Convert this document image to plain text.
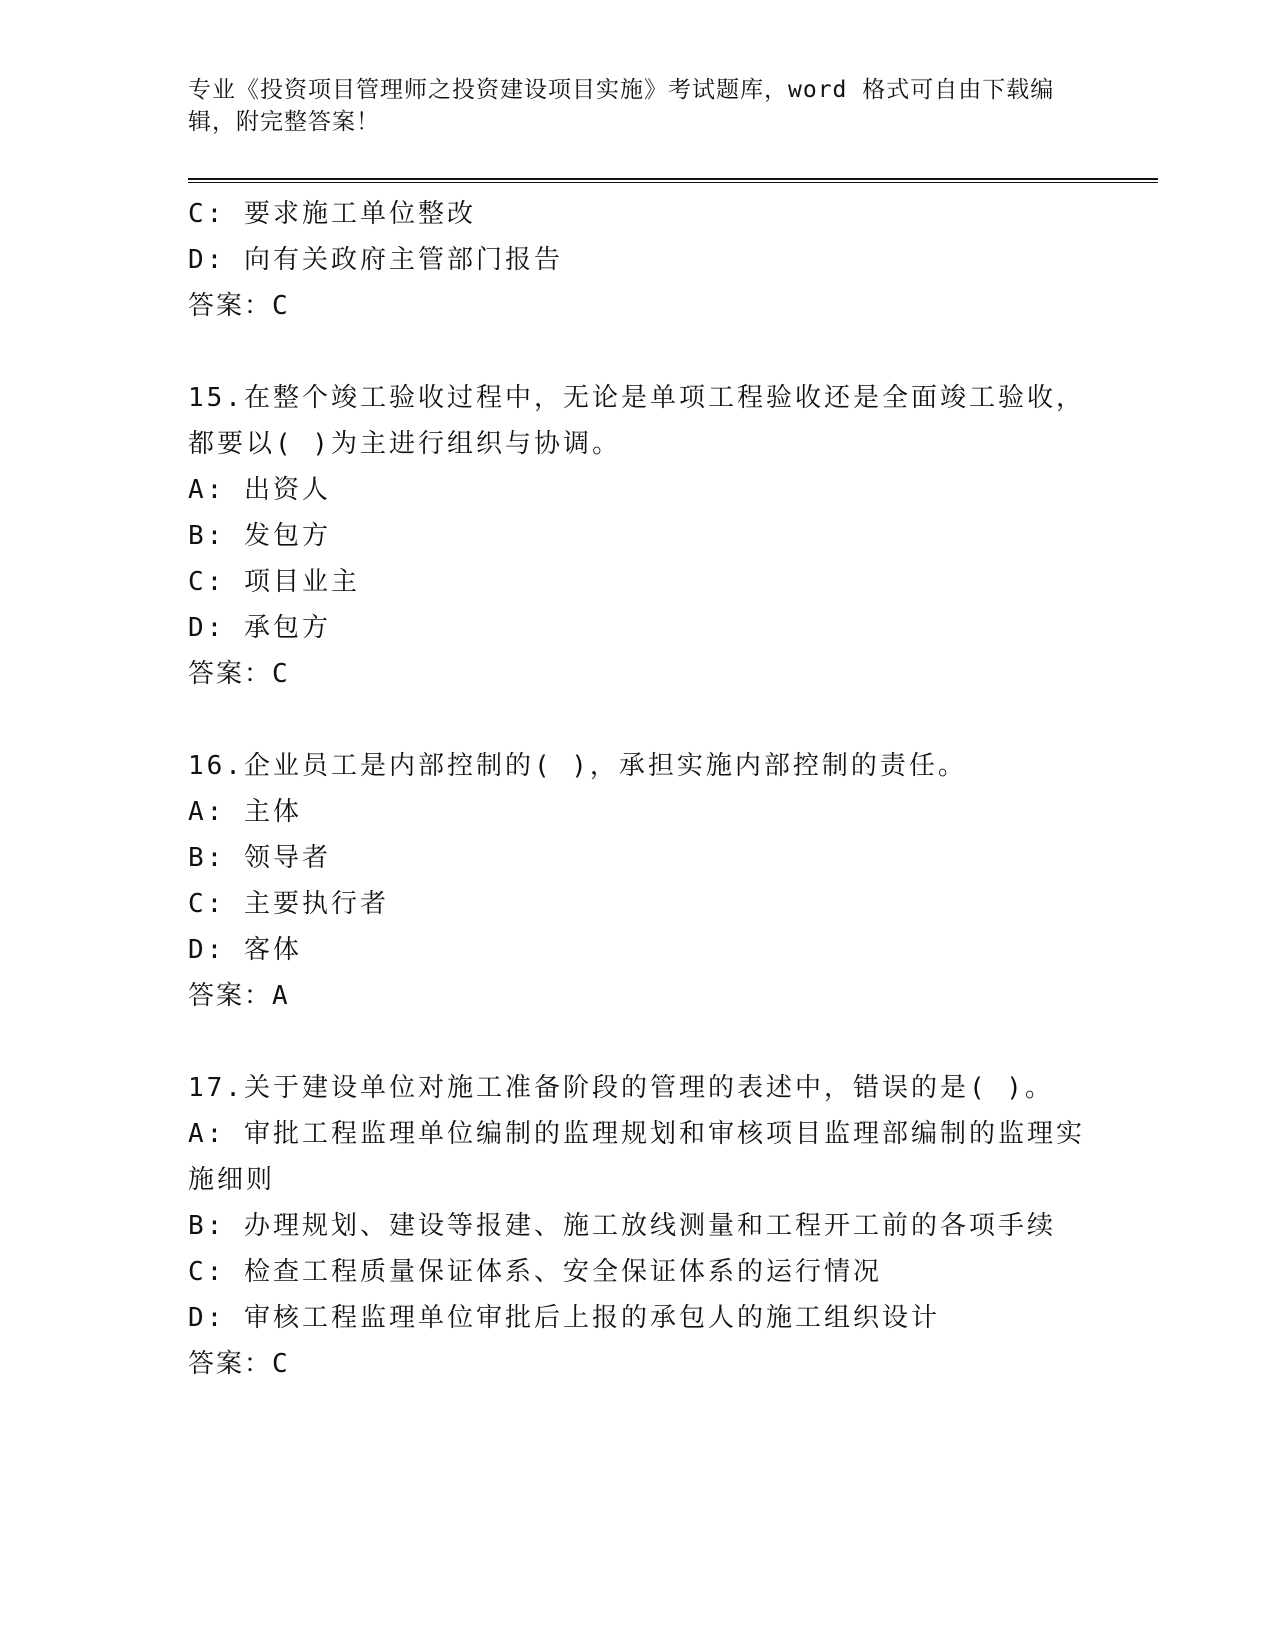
专业《投资项目管理师之投资建设项目实施》考试题库，word 格式可自由下载编辑，附完整答案！
C: 要求施工单位整改
D: 向有关政府主管部门报告
答案：C
15.在整个竣工验收过程中，无论是单项工程验收还是全面竣工验收，都要以( )为主进行组织与协调。
A: 出资人
B: 发包方
C: 项目业主
D: 承包方
答案：C
16.企业员工是内部控制的( )，承担实施内部控制的责任。
A: 主体
B: 领导者
C: 主要执行者
D: 客体
答案：A
17.关于建设单位对施工准备阶段的管理的表述中，错误的是( )。
A: 审批工程监理单位编制的监理规划和审核项目监理部编制的监理实施细则
B: 办理规划、建设等报建、施工放线测量和工程开工前的各项手续
C: 检查工程质量保证体系、安全保证体系的运行情况
D: 审核工程监理单位审批后上报的承包人的施工组织设计
答案：C
